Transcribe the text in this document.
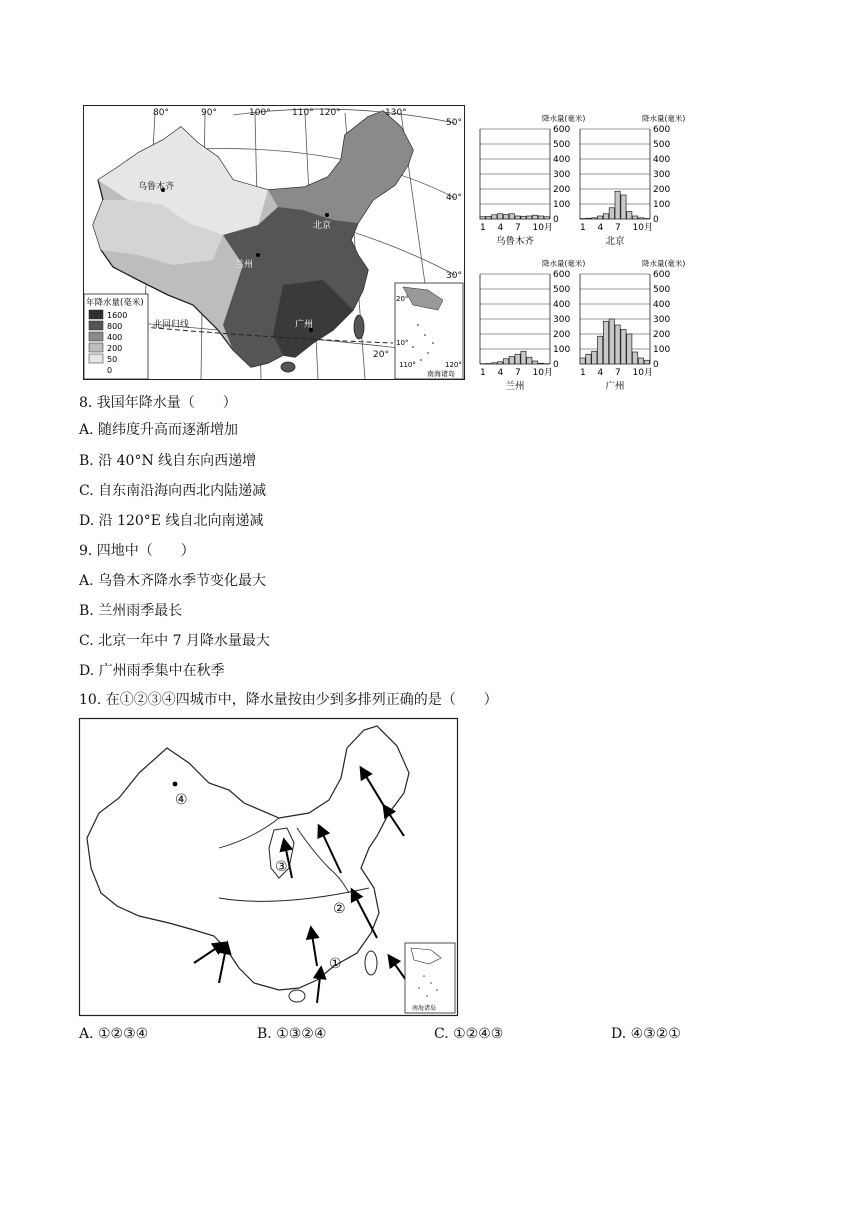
80°	90°	100° 110° 120°	130°
50°
40°
30°
20°
乌鲁木齐
北京
兰州
广州
北回归线
年降水量(毫米)
1600
800
400
200
50
0
20°
10°
110°	120°
南海诸岛
降水量(毫米)
600
500
400
300
200
100
0
1 4 7 10月
乌鲁木齐
降水量(毫米)
600
500
400
300
200
100
0
1 4 7 10月
北京
降水量(毫米)
600
500
400
300
200
100
0
1 4 7 10月
兰州
降水量(毫米)
600
500
400
300
200
100
0
1 4 7 10月
广州
8. 我国年降水量（　　）
A. 随纬度升高而逐渐增加
B. 沿 40°N 线自东向西递增
C. 自东南沿海向西北内陆递减
D. 沿 120°E 线自北向南递减
9. 四地中（　　）
A. 乌鲁木齐降水季节变化最大
B. 兰州雨季最长
C. 北京一年中 7 月降水量最大
D. 广州雨季集中在秋季
10. 在①②③④四城市中，降水量按由少到多排列正确的是（　　）
④
③
②
①
南海诸岛
A. ①②③④	B. ①③②④	C. ①②④③	D. ④③②①
